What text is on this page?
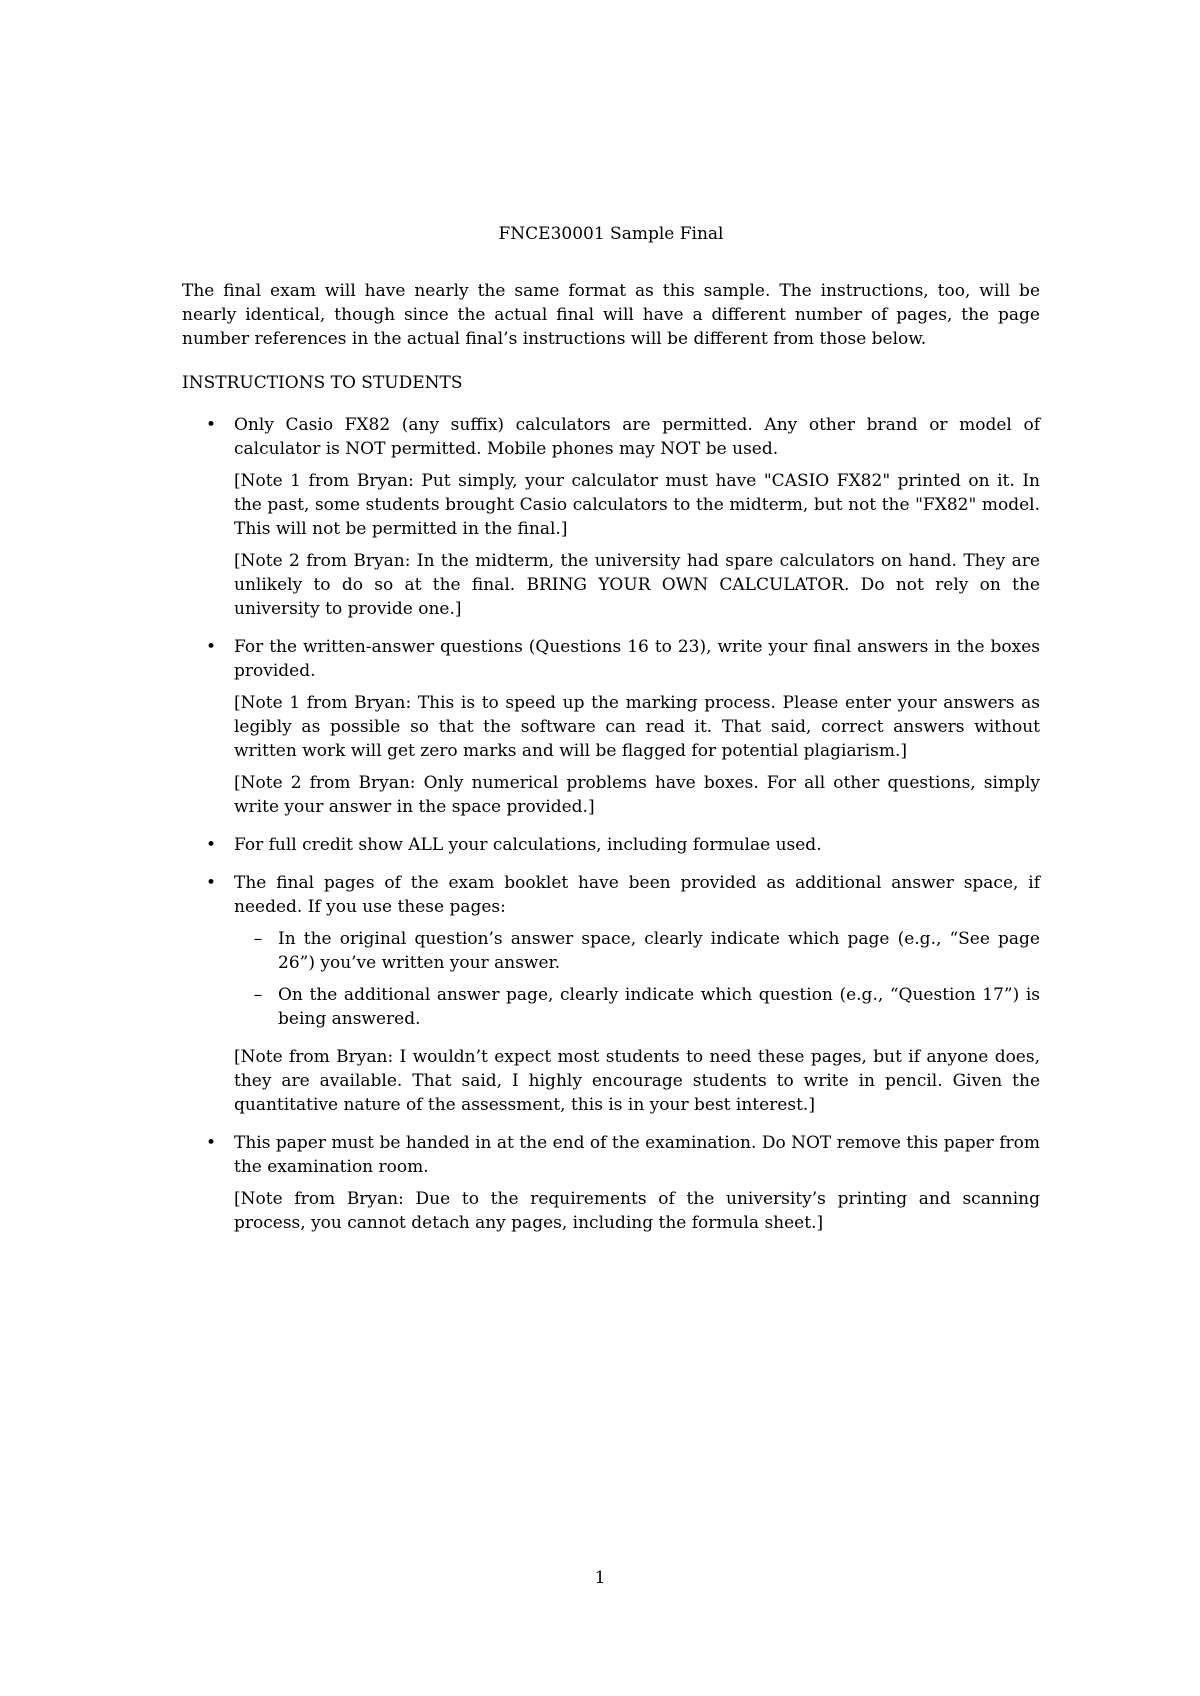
FNCE30001 Sample Final

The final exam will have nearly the same format as this sample. The instructions, too, will be nearly identical, though since the actual final will have a different number of pages, the page number references in the actual final’s instructions will be different from those below.

INSTRUCTIONS TO STUDENTS
• Only Casio FX82 (any suffix) calculators are permitted. Any other brand or model of calculator is NOT permitted. Mobile phones may NOT be used.

[Note 1 from Bryan: Put simply, your calculator must have "CASIO FX82" printed on it. In the past, some students brought Casio calculators to the midterm, but not the "FX82" model. This will not be permitted in the final.]

[Note 2 from Bryan: In the midterm, the university had spare calculators on hand. They are unlikely to do so at the final. BRING YOUR OWN CALCULATOR. Do not rely on the university to provide one.]

• For the written-answer questions (Questions 16 to 23), write your final answers in the boxes provided.

[Note 1 from Bryan: This is to speed up the marking process. Please enter your answers as legibly as possible so that the software can read it. That said, correct answers without written work will get zero marks and will be flagged for potential plagiarism.]

[Note 2 from Bryan: Only numerical problems have boxes. For all other questions, simply write your answer in the space provided.]

• For full credit show ALL your calculations, including formulae used.

• The final pages of the exam booklet have been provided as additional answer space, if needed. If you use these pages:

– In the original question’s answer space, clearly indicate which page (e.g., “See page 26”) you’ve written your answer.
– On the additional answer page, clearly indicate which question (e.g., “Question 17”) is being answered.

[Note from Bryan: I wouldn’t expect most students to need these pages, but if anyone does, they are available. That said, I highly encourage students to write in pencil. Given the quantitative nature of the assessment, this is in your best interest.]

• This paper must be handed in at the end of the examination. Do NOT remove this paper from the examination room.

[Note from Bryan: Due to the requirements of the university’s printing and scanning process, you cannot detach any pages, including the formula sheet.]

1
